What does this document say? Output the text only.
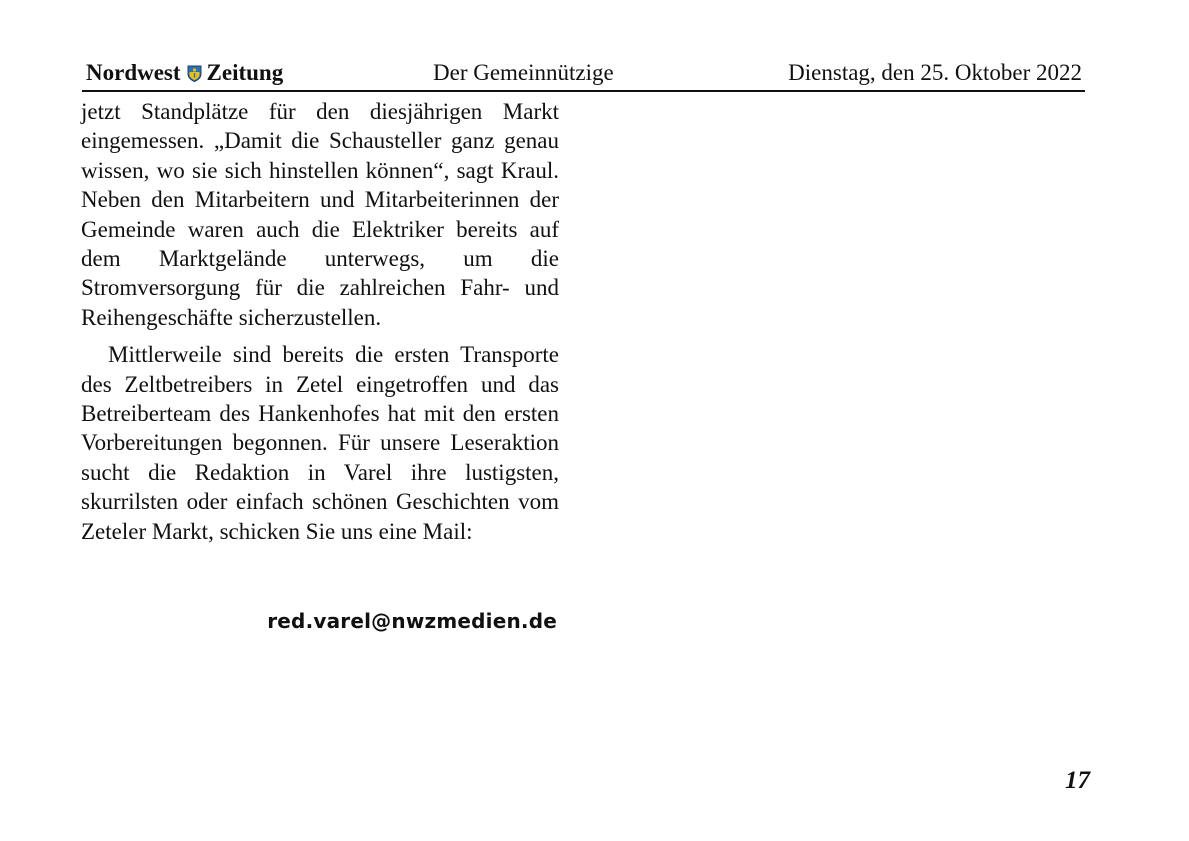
Nordwest Zeitung	Der Gemeinnützige	Dienstag, den 25. Oktober 2022

jetzt Standplätze für den diesjährigen Markt eingemessen. „Damit die Schausteller ganz genau wissen, wo sie sich hinstellen können“, sagt Kraul. Neben den Mitarbeitern und Mitarbeiterinnen der Gemeinde waren auch die Elektriker bereits auf dem Marktgelände unterwegs, um die Stromversorgung für die zahlreichen Fahr- und Reihengeschäfte sicherzustellen.

Mittlerweile sind bereits die ersten Transporte des Zeltbetreibers in Zetel eingetroffen und das Betreiberteam des Hankenhofes hat mit den ersten Vorbereitungen begonnen. Für unsere Leseraktion sucht die Redaktion in Varel ihre lustigsten, skurrilsten oder einfach schönen Geschichten vom Zeteler Markt, schicken Sie uns eine Mail:

red.varel@nwzmedien.de
17
